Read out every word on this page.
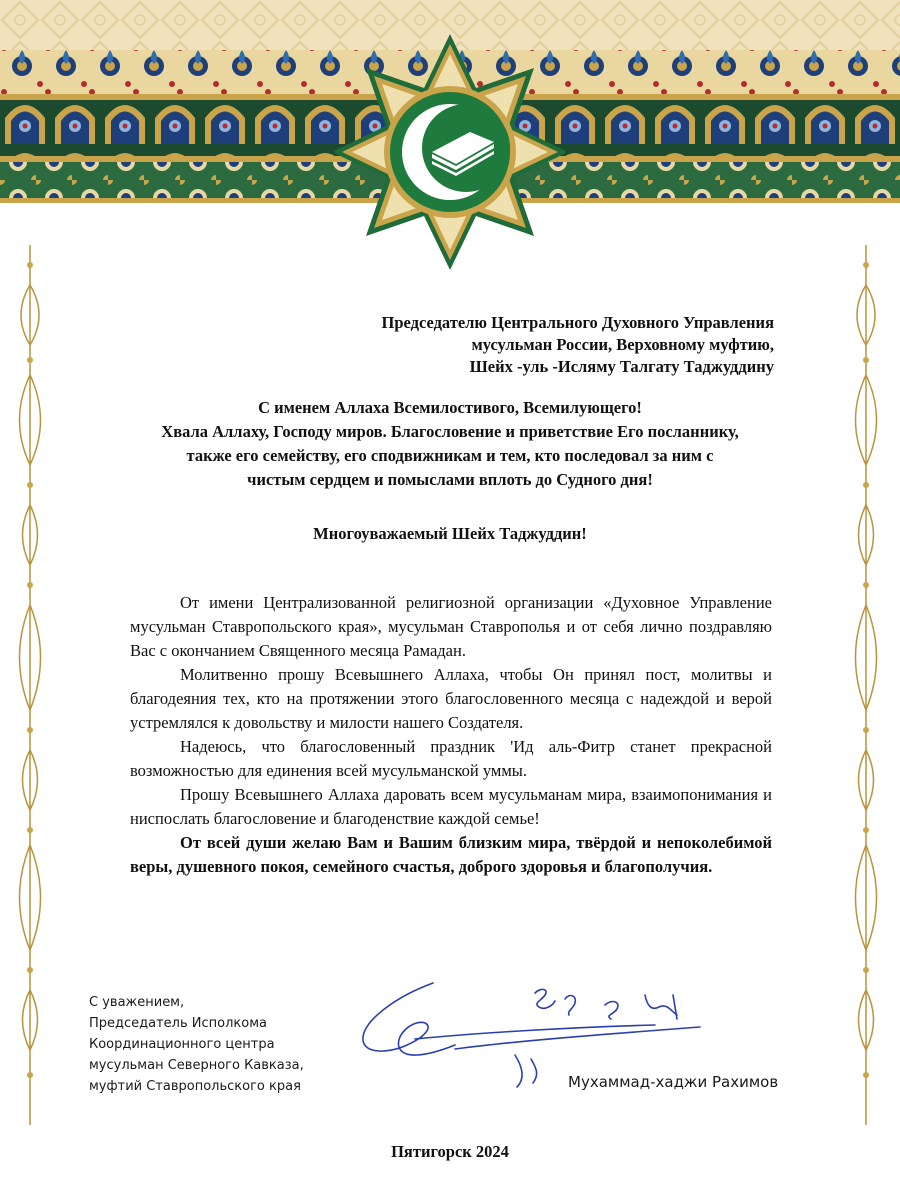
Председателю Центрального Духовного Управления
мусульман России, Верховному муфтию,
Шейх -уль -Исляму Талгату Таджуддину
С именем Аллаха Всемилостивого, Всемилующего!
Хвала Аллаху, Господу миров. Благословение и приветствие Его посланнику,
также его семейству, его сподвижникам и тем, кто последовал за ним с
чистым сердцем и помыслами вплоть до Судного дня!
Многоуважаемый Шейх Таджуддин!

От имени Централизованной религиозной организации «Духовное Управление мусульман Ставропольского края», мусульман Ставрополья и от себя лично поздравляю Вас с окончанием Священного месяца Рамадан.

Молитвенно прошу Всевышнего Аллаха, чтобы Он принял пост, молитвы и благодеяния тех, кто на протяжении этого благословенного месяца с надеждой и верой устремлялся к довольству и милости нашего Создателя.

Надеюсь, что благословенный праздник 'Ид аль-Фитр станет прекрасной возможностью для единения всей мусульманской уммы.

Прошу Всевышнего Аллаха даровать всем мусульманам мира, взаимопонимания и ниспослать благословение и благоденствие каждой семье!

От всей души желаю Вам и Вашим близким мира, твёрдой и непоколебимой веры, душевного покоя, семейного счастья, доброго здоровья и благополучия.

С уважением,
Председатель Исполкома
Координационного центра
мусульман Северного Кавказа,
муфтий Ставропольского края	Мухаммад-хаджи Рахимов
Пятигорск 2024
